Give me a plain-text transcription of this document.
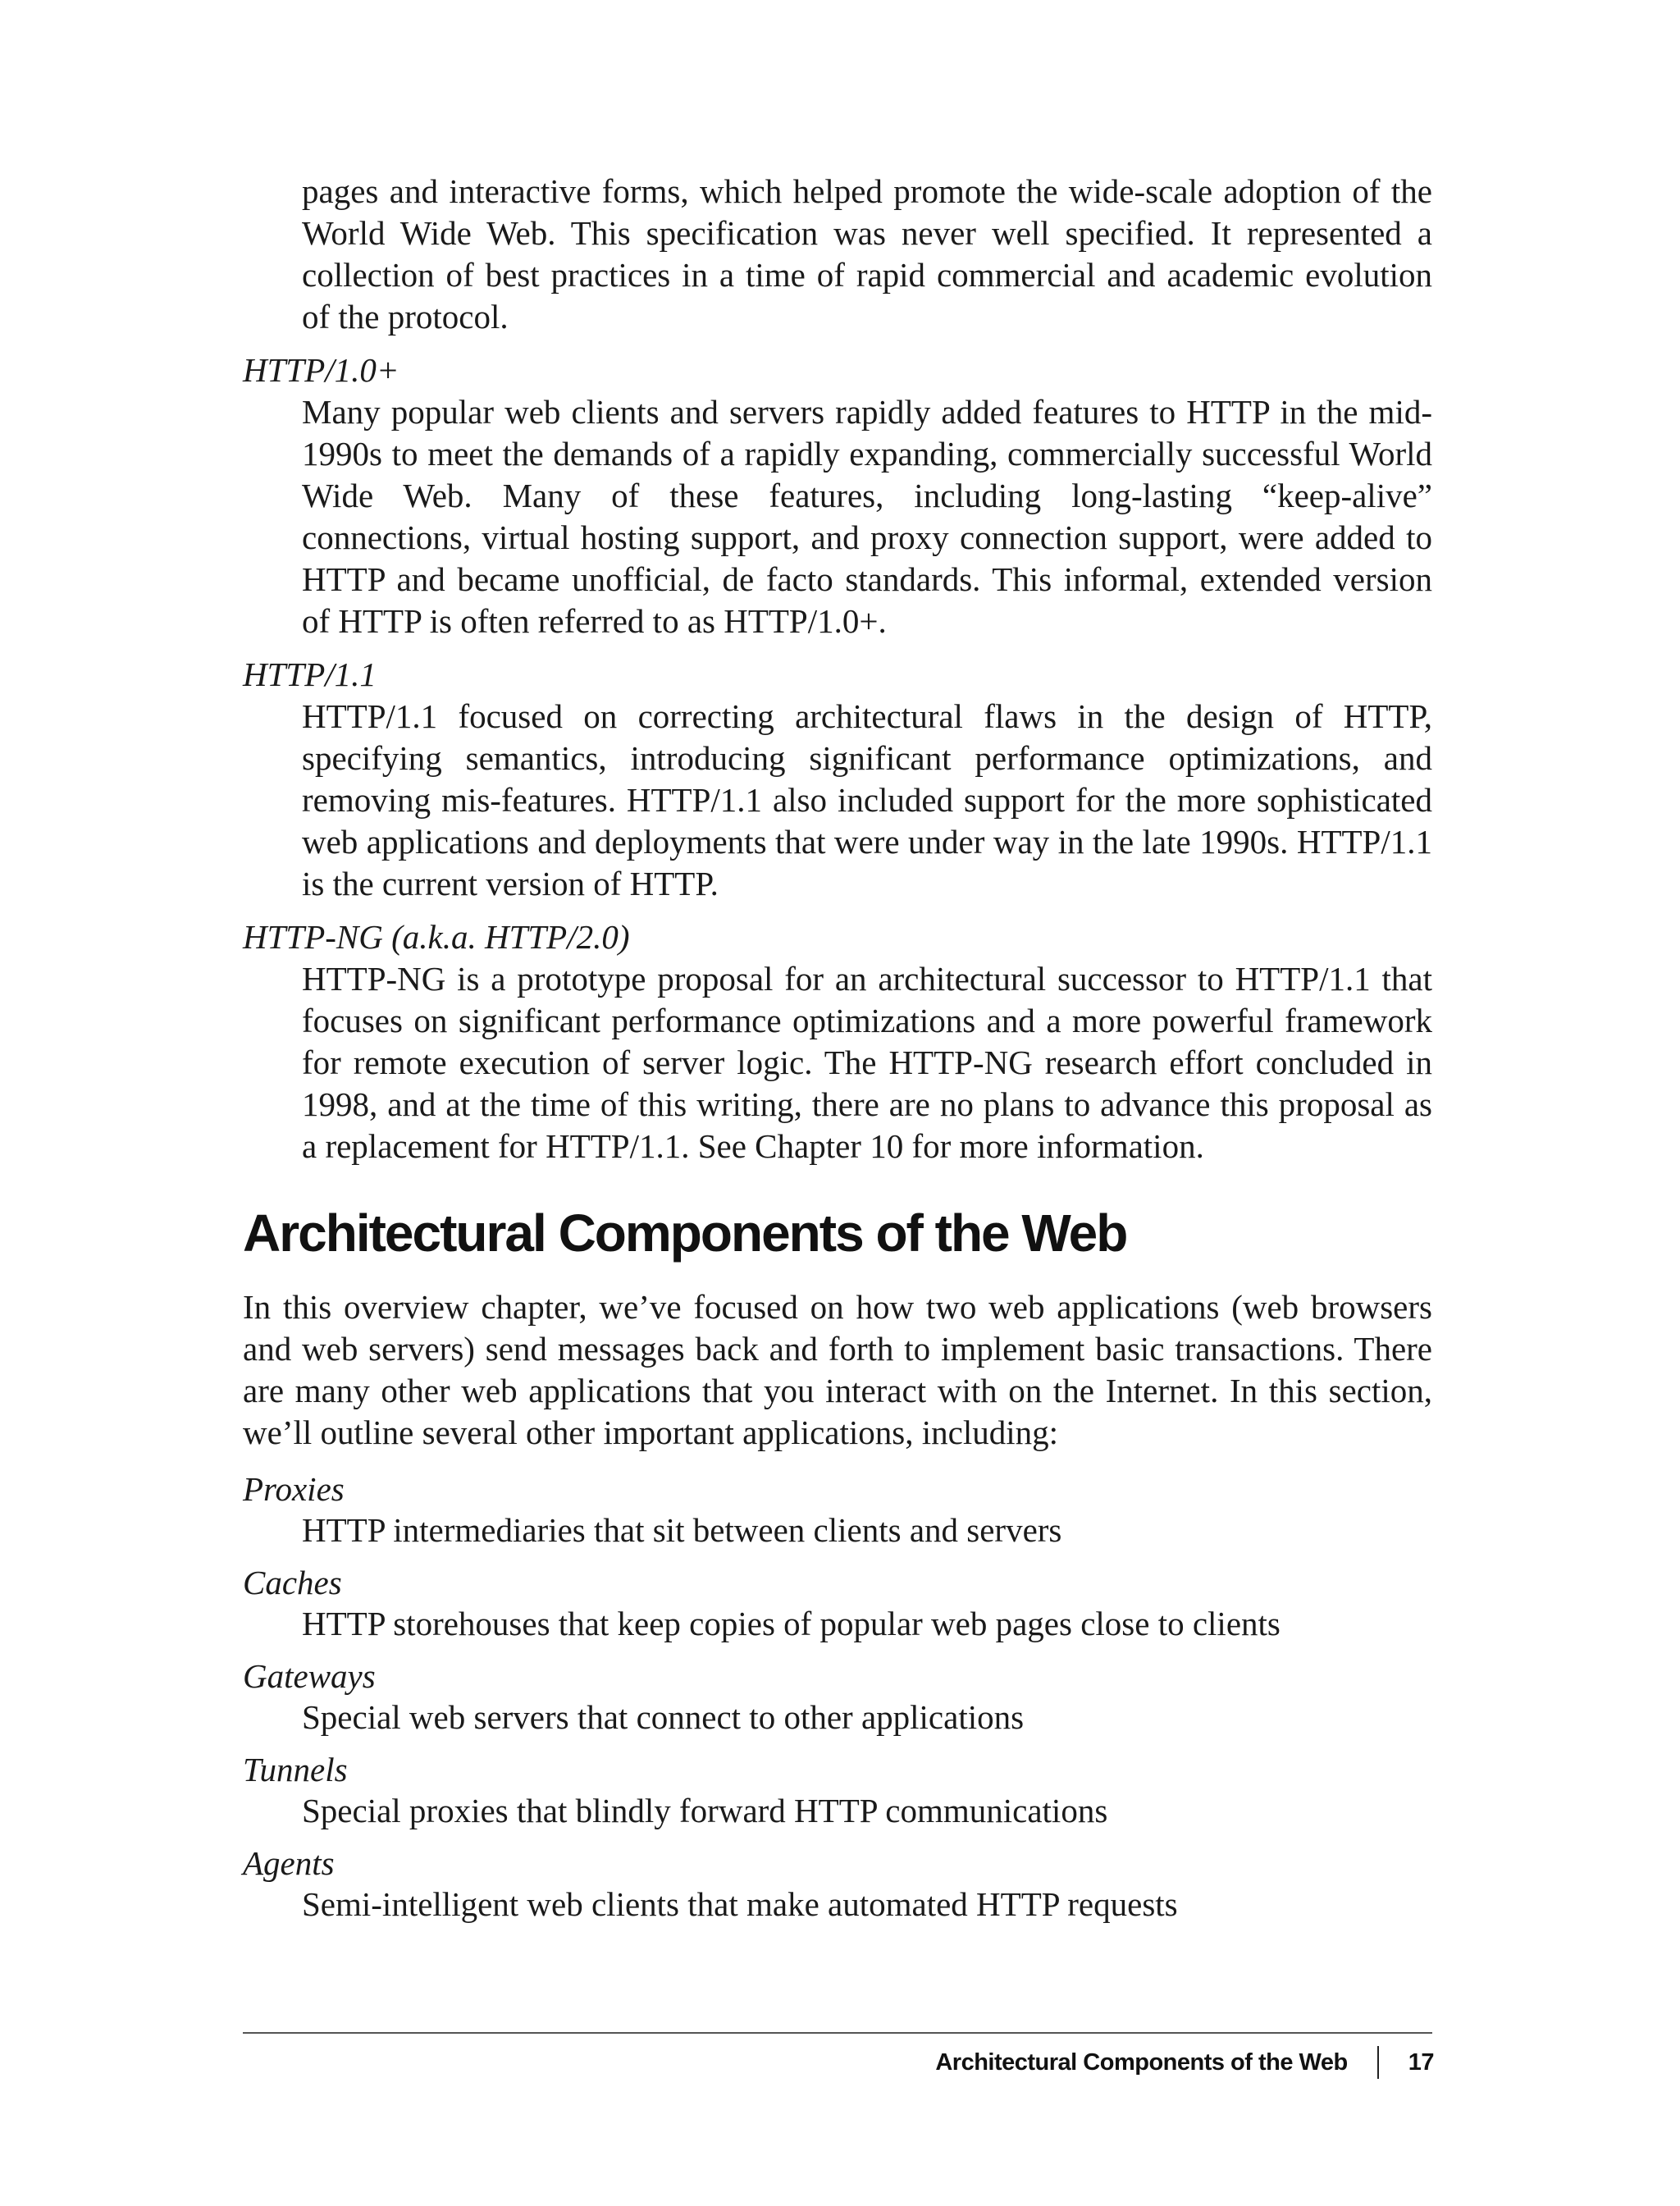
pages and interactive forms, which helped promote the wide-scale adoption of the World Wide Web. This specification was never well specified. It represented a collection of best practices in a time of rapid commercial and academic evolution of the protocol.

HTTP/1.0+

Many popular web clients and servers rapidly added features to HTTP in the mid-1990s to meet the demands of a rapidly expanding, commercially successful World Wide Web. Many of these features, including long-lasting “keep-alive” connections, virtual hosting support, and proxy connection support, were added to HTTP and became unofficial, de facto standards. This informal, extended version of HTTP is often referred to as HTTP/1.0+.

HTTP/1.1

HTTP/1.1 focused on correcting architectural flaws in the design of HTTP, specifying semantics, introducing significant performance optimizations, and removing mis-features. HTTP/1.1 also included support for the more sophisticated web applications and deployments that were under way in the late 1990s. HTTP/1.1 is the current version of HTTP.

HTTP-NG (a.k.a. HTTP/2.0)

HTTP-NG is a prototype proposal for an architectural successor to HTTP/1.1 that focuses on significant performance optimizations and a more powerful framework for remote execution of server logic. The HTTP-NG research effort concluded in 1998, and at the time of this writing, there are no plans to advance this proposal as a replacement for HTTP/1.1. See Chapter 10 for more information.

Architectural Components of the Web

In this overview chapter, we’ve focused on how two web applications (web browsers and web servers) send messages back and forth to implement basic transactions. There are many other web applications that you interact with on the Internet. In this section, we’ll outline several other important applications, including:

Proxies

HTTP intermediaries that sit between clients and servers

Caches

HTTP storehouses that keep copies of popular web pages close to clients

Gateways

Special web servers that connect to other applications

Tunnels

Special proxies that blindly forward HTTP communications

Agents

Semi-intelligent web clients that make automated HTTP requests

Architectural Components of the Web	17
